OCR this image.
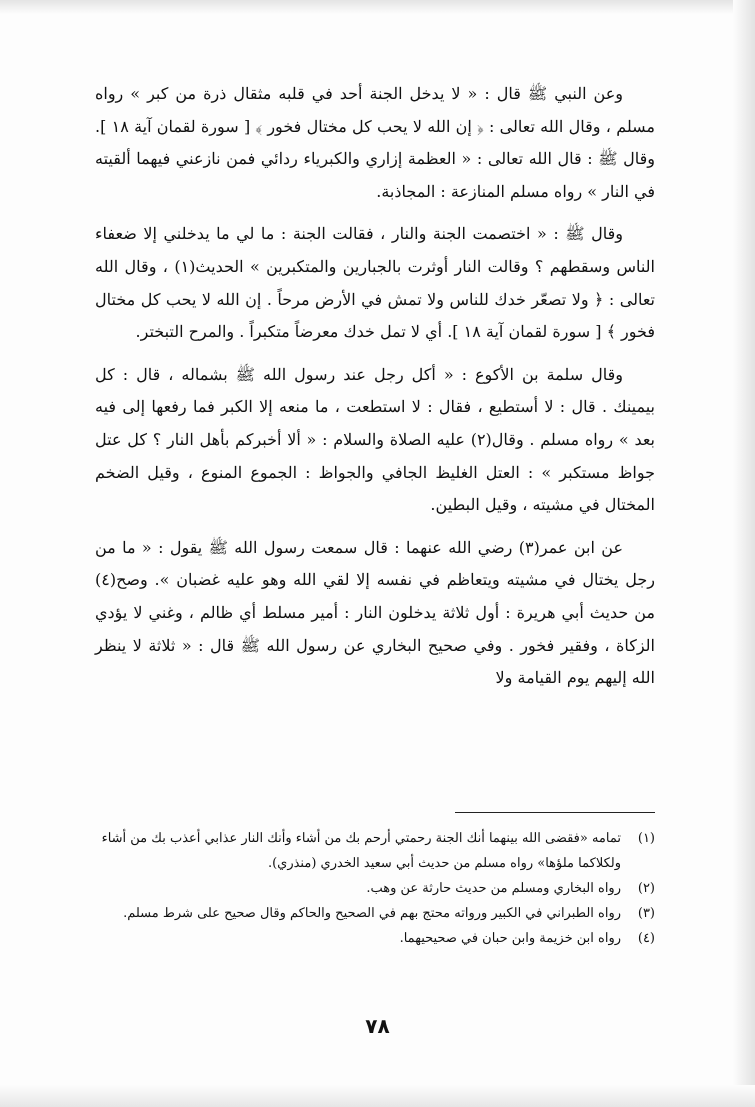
وعن النبي ﷺ قال : « لا يدخل الجنة أحد في قلبه مثقال ذرة من كبر » رواه مسلم ، وقال الله تعالى : ﴿ إن الله لا يحب كل مختال فخور ﴾ [ سورة لقمان آية ١٨ ]. وقال ﷺ : قال الله تعالى : « العظمة إزاري والكبرياء ردائي فمن نازعني فيهما ألقيته في النار » رواه مسلم المنازعة : المجاذبة.

وقال ﷺ : « اختصمت الجنة والنار ، فقالت الجنة : ما لي ما يدخلني إلا ضعفاء الناس وسقطهم ؟ وقالت النار أوثرت بالجبارين والمتكبرين » الحديث(١) ، وقال الله تعالى : ﴿ ولا تصعّر خدك للناس ولا تمش في الأرض مرحاً . إن الله لا يحب كل مختال فخور ﴾ [ سورة لقمان آية ١٨ ]. أي لا تمل خدك معرضاً متكبراً . والمرح التبختر.

وقال سلمة بن الأكوع : « أكل رجل عند رسول الله ﷺ بشماله ، قال : كل بيمينك . قال : لا أستطيع ، فقال : لا استطعت ، ما منعه إلا الكبر فما رفعها إلى فيه بعد » رواه مسلم . وقال(٢) عليه الصلاة والسلام : « ألا أخبركم بأهل النار ؟ كل عتل جواظ مستكبر » : العتل الغليظ الجافي والجواظ : الجموع المنوع ، وقيل الضخم المختال في مشيته ، وقيل البطين.

عن ابن عمر(٣) رضي الله عنهما : قال سمعت رسول الله ﷺ يقول : « ما من رجل يختال في مشيته ويتعاظم في نفسه إلا لقي الله وهو عليه غضبان ». وصح(٤) من حديث أبي هريرة : أول ثلاثة يدخلون النار : أمير مسلط أي ظالم ، وغني لا يؤدي الزكاة ، وفقير فخور . وفي صحيح البخاري عن رسول الله ﷺ قال : « ثلاثة لا ينظر الله إليهم يوم القيامة ولا

(١)
تمامه «فقضى الله بينهما أنك الجنة رحمتي أرحم بك من أشاء وأنك النار عذابي أعذب بك من أشاء ولكلاكما ملؤها» رواه مسلم من حديث أبي سعيد الخدري (منذري).
(٢)
رواه البخاري ومسلم من حديث حارثة عن وهب.
(٣)
رواه الطبراني في الكبير ورواته محتج بهم في الصحيح والحاكم وقال صحيح على شرط مسلم.
(٤)
رواه ابن خزيمة وابن حبان في صحيحيهما.
٧٨
